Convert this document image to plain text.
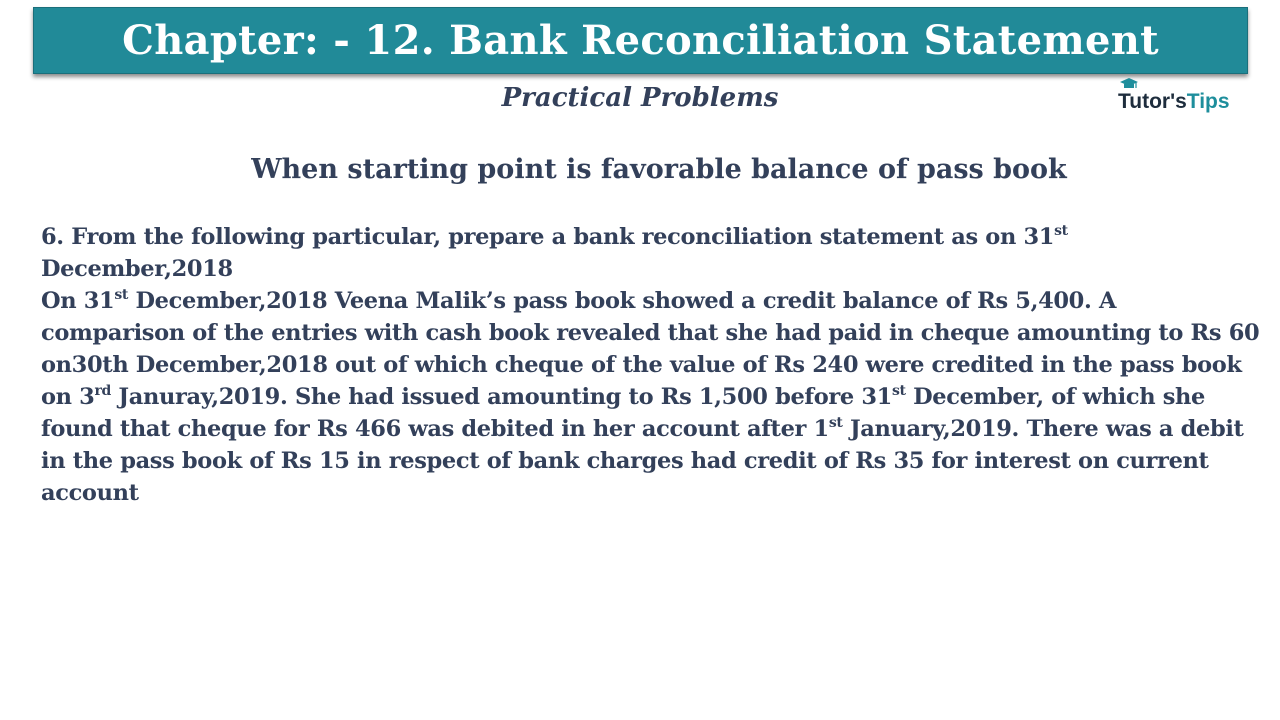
Chapter: - 12. Bank Reconciliation Statement
Practical Problems	Tutor's Tips
When starting point is favorable balance of pass book
6. From the following particular, prepare a bank reconciliation statement as on 31st
December,2018
On 31st December,2018 Veena Malik’s pass book showed a credit balance of Rs 5,400. A
comparison of the entries with cash book revealed that she had paid in cheque amounting to Rs 60
on30th December,2018 out of which cheque of the value of Rs 240 were credited in the pass book
on 3rd Januray,2019. She had issued amounting to Rs 1,500 before 31st December, of which she
found that cheque for Rs 466 was debited in her account after 1st January,2019. There was a debit
in the pass book of Rs 15 in respect of bank charges had credit of Rs 35 for interest on current
account
